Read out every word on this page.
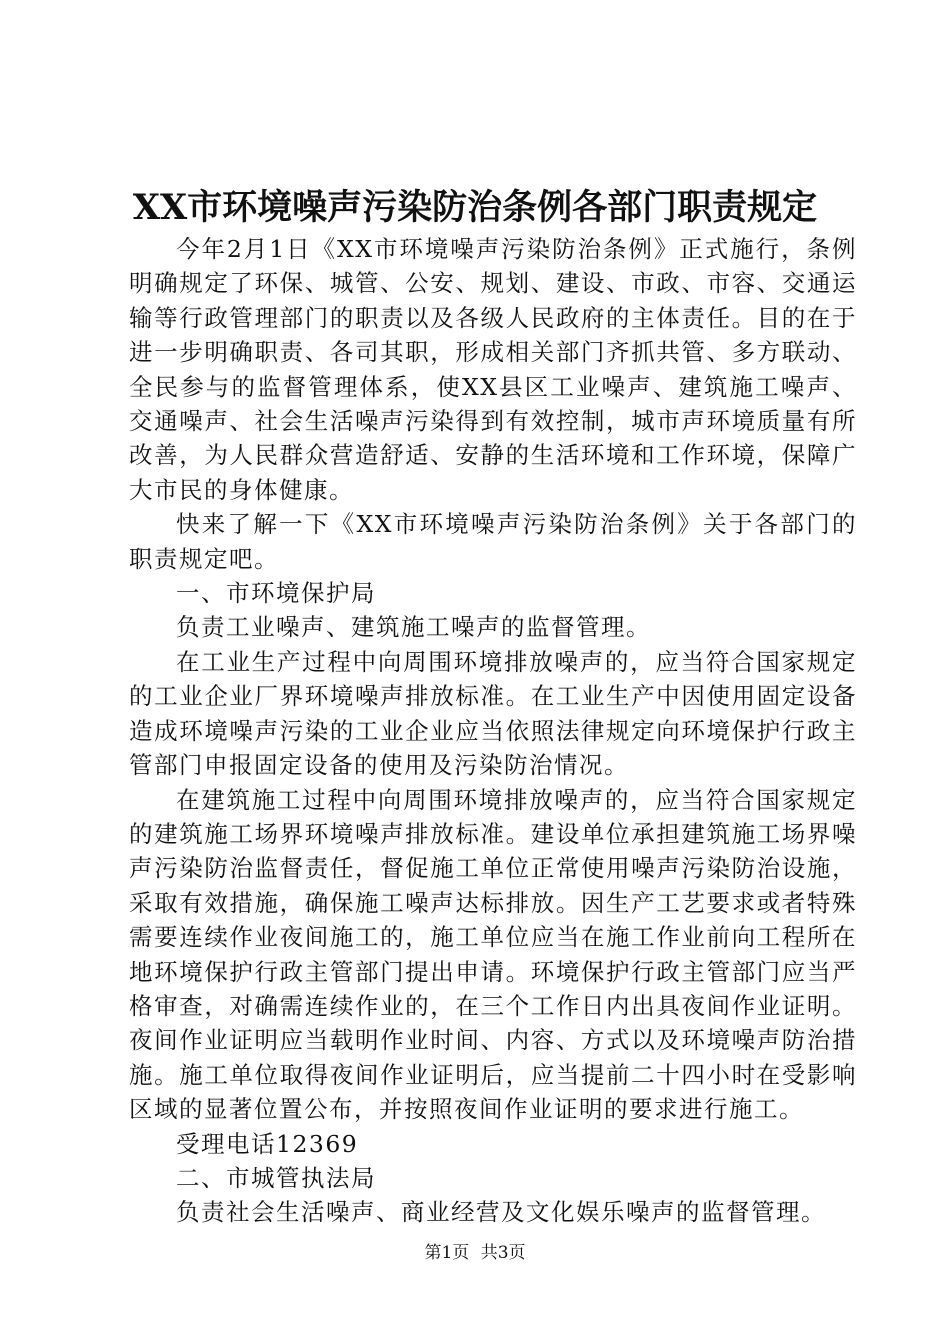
XX市环境噪声污染防治条例各部门职责规定

今年2月1日《XX市环境噪声污染防治条例》正式施行，条例明确规定了环保、城管、公安、规划、建设、市政、市容、交通运输等行政管理部门的职责以及各级人民政府的主体责任。目的在于进一步明确职责、各司其职，形成相关部门齐抓共管、多方联动、全民参与的监督管理体系，使XX县区工业噪声、建筑施工噪声、交通噪声、社会生活噪声污染得到有效控制，城市声环境质量有所改善，为人民群众营造舒适、安静的生活环境和工作环境，保障广大市民的身体健康。

快来了解一下《XX市环境噪声污染防治条例》关于各部门的职责规定吧。

一、市环境保护局

负责工业噪声、建筑施工噪声的监督管理。

在工业生产过程中向周围环境排放噪声的，应当符合国家规定的工业企业厂界环境噪声排放标准。在工业生产中因使用固定设备造成环境噪声污染的工业企业应当依照法律规定向环境保护行政主管部门申报固定设备的使用及污染防治情况。

在建筑施工过程中向周围环境排放噪声的，应当符合国家规定的建筑施工场界环境噪声排放标准。建设单位承担建筑施工场界噪声污染防治监督责任，督促施工单位正常使用噪声污染防治设施，采取有效措施，确保施工噪声达标排放。因生产工艺要求或者特殊需要连续作业夜间施工的，施工单位应当在施工作业前向工程所在地环境保护行政主管部门提出申请。环境保护行政主管部门应当严格审查，对确需连续作业的，在三个工作日内出具夜间作业证明。夜间作业证明应当载明作业时间、内容、方式以及环境噪声防治措施。施工单位取得夜间作业证明后，应当提前二十四小时在受影响区域的显著位置公布，并按照夜间作业证明的要求进行施工。

受理电话12369

二、市城管执法局

负责社会生活噪声、商业经营及文化娱乐噪声的监督管理。

第1页 共3页
